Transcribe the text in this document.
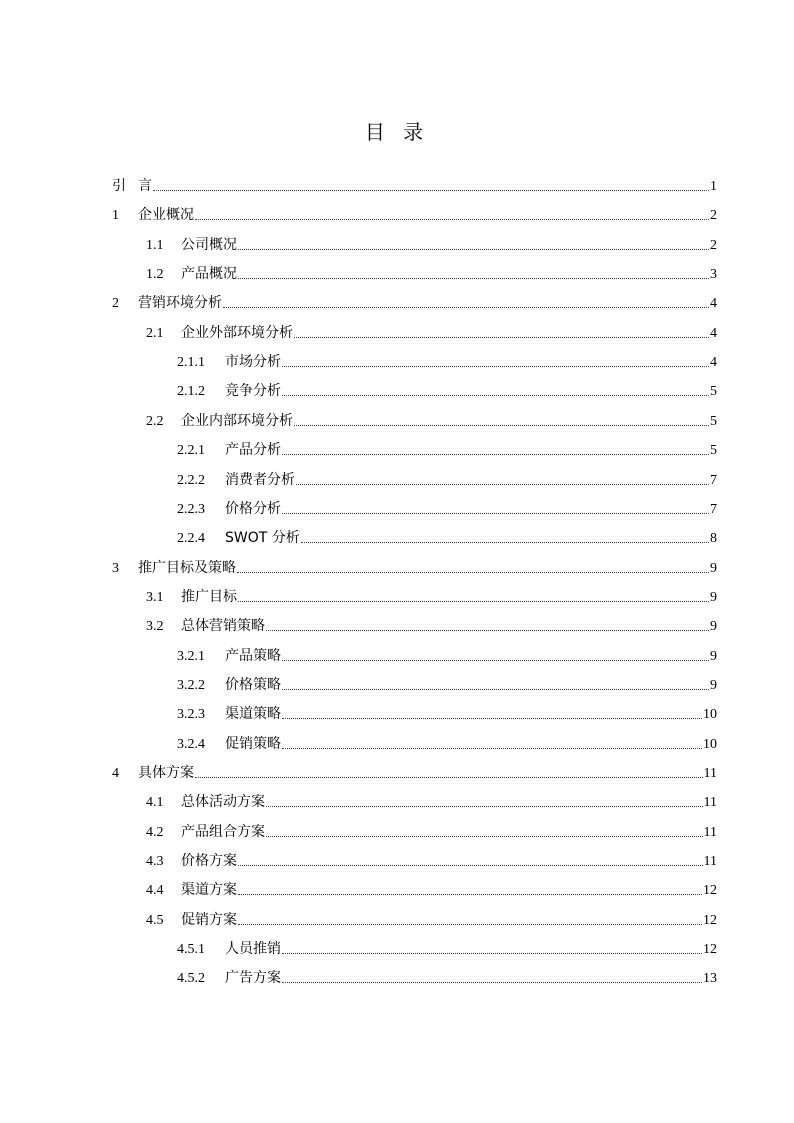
目 录
引 言	1
1	企业概况	2
1.1	公司概况	2
1.2	产品概况	3
2	营销环境分析	4
2.1	企业外部环境分析	4
2.1.1	市场分析	4
2.1.2	竞争分析	5
2.2	企业内部环境分析	5
2.2.1	产品分析	5
2.2.2	消费者分析	7
2.2.3	价格分析	7
2.2.4	SWOT 分析	8
3	推广目标及策略	9
3.1	推广目标	9
3.2	总体营销策略	9
3.2.1	产品策略	9
3.2.2	价格策略	9
3.2.3	渠道策略	10
3.2.4	促销策略	10
4	具体方案	11
4.1	总体活动方案	11
4.2	产品组合方案	11
4.3	价格方案	11
4.4	渠道方案	12
4.5	促销方案	12
4.5.1	人员推销	12
4.5.2	广告方案	13
